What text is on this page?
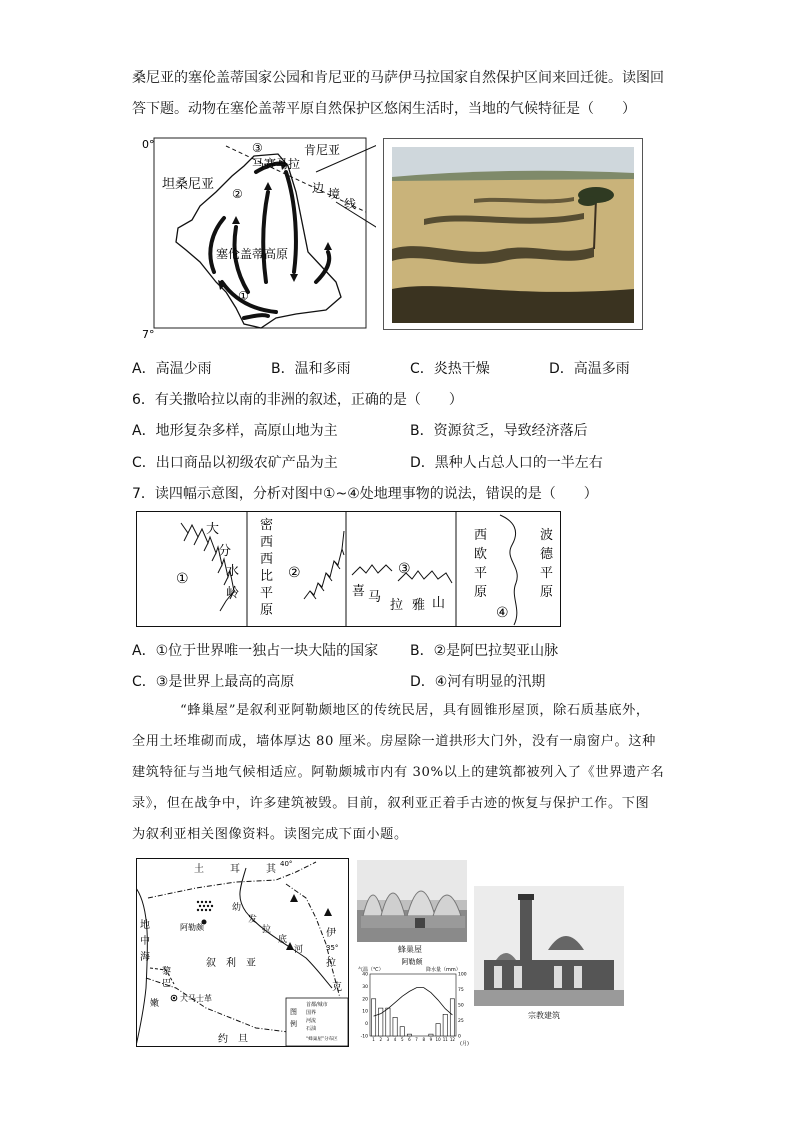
桑尼亚的塞伦盖蒂国家公园和肯尼亚的马萨伊马拉国家自然保护区间来回迁徙。读图回
答下题。动物在塞伦盖蒂平原自然保护区悠闲生活时，当地的气候特征是（　　）
0°
7°
③	肯尼亚
马赛马拉
坦桑尼亚
②	边 境
线
塞伦盖蒂高原
①
A．高温少雨	B．温和多雨	C．炎热干燥	D．高温多雨
6．有关撒哈拉以南的非洲的叙述，正确的是（　　）
A．地形复杂多样，高原山地为主	B．资源贫乏，导致经济落后
C．出口商品以初级农矿产品为主	D．黑种人占总人口的一半左右
7．读四幅示意图，分析对图中①~④处地理事物的说法，错误的是（　　）
①
大
分
水
岭
密
西
西
比
平
原
②	③
喜 马
拉 雅 山
西
欧
平
原
波
德
平
原
④
A．①位于世界唯一独占一块大陆的国家 B．②是阿巴拉契亚山脉
C．③是世界上最高的高原	D．④河有明显的汛期
“蜂巢屋”是叙利亚阿勒颇地区的传统民居，具有圆锥形屋顶，除石质基底外，
全用土坯堆砌而成，墙体厚达 80 厘米。房屋除一道拱形大门外，没有一扇窗户。这种
建筑特征与当地气候相适应。阿勒颇城市内有 30%以上的建筑都被列入了《世界遗产名
录》，但在战争中，许多建筑被毁。目前，叙利亚正着手古迹的恢复与保护工作。下图
为叙利亚相关图像资料。读图完成下面小题。
土	耳	其 40°
35°
地
中
海
阿勒颇
幼
发
拉
底
河
叙 利 亚
伊
拉
克
黎
巴
嫩
大马士革
约　旦
图
例
首都/城市
国界
河流
石油
“蜂巢屋”分布区
蜂巢屋
宗教建筑
阿勒颇
气温（℃）	降水量（mm）
-10
0
10
20
30
40
0
25
50
75
100
1 2 3 4 5 6 7 8 9 10 11 12
(月)
